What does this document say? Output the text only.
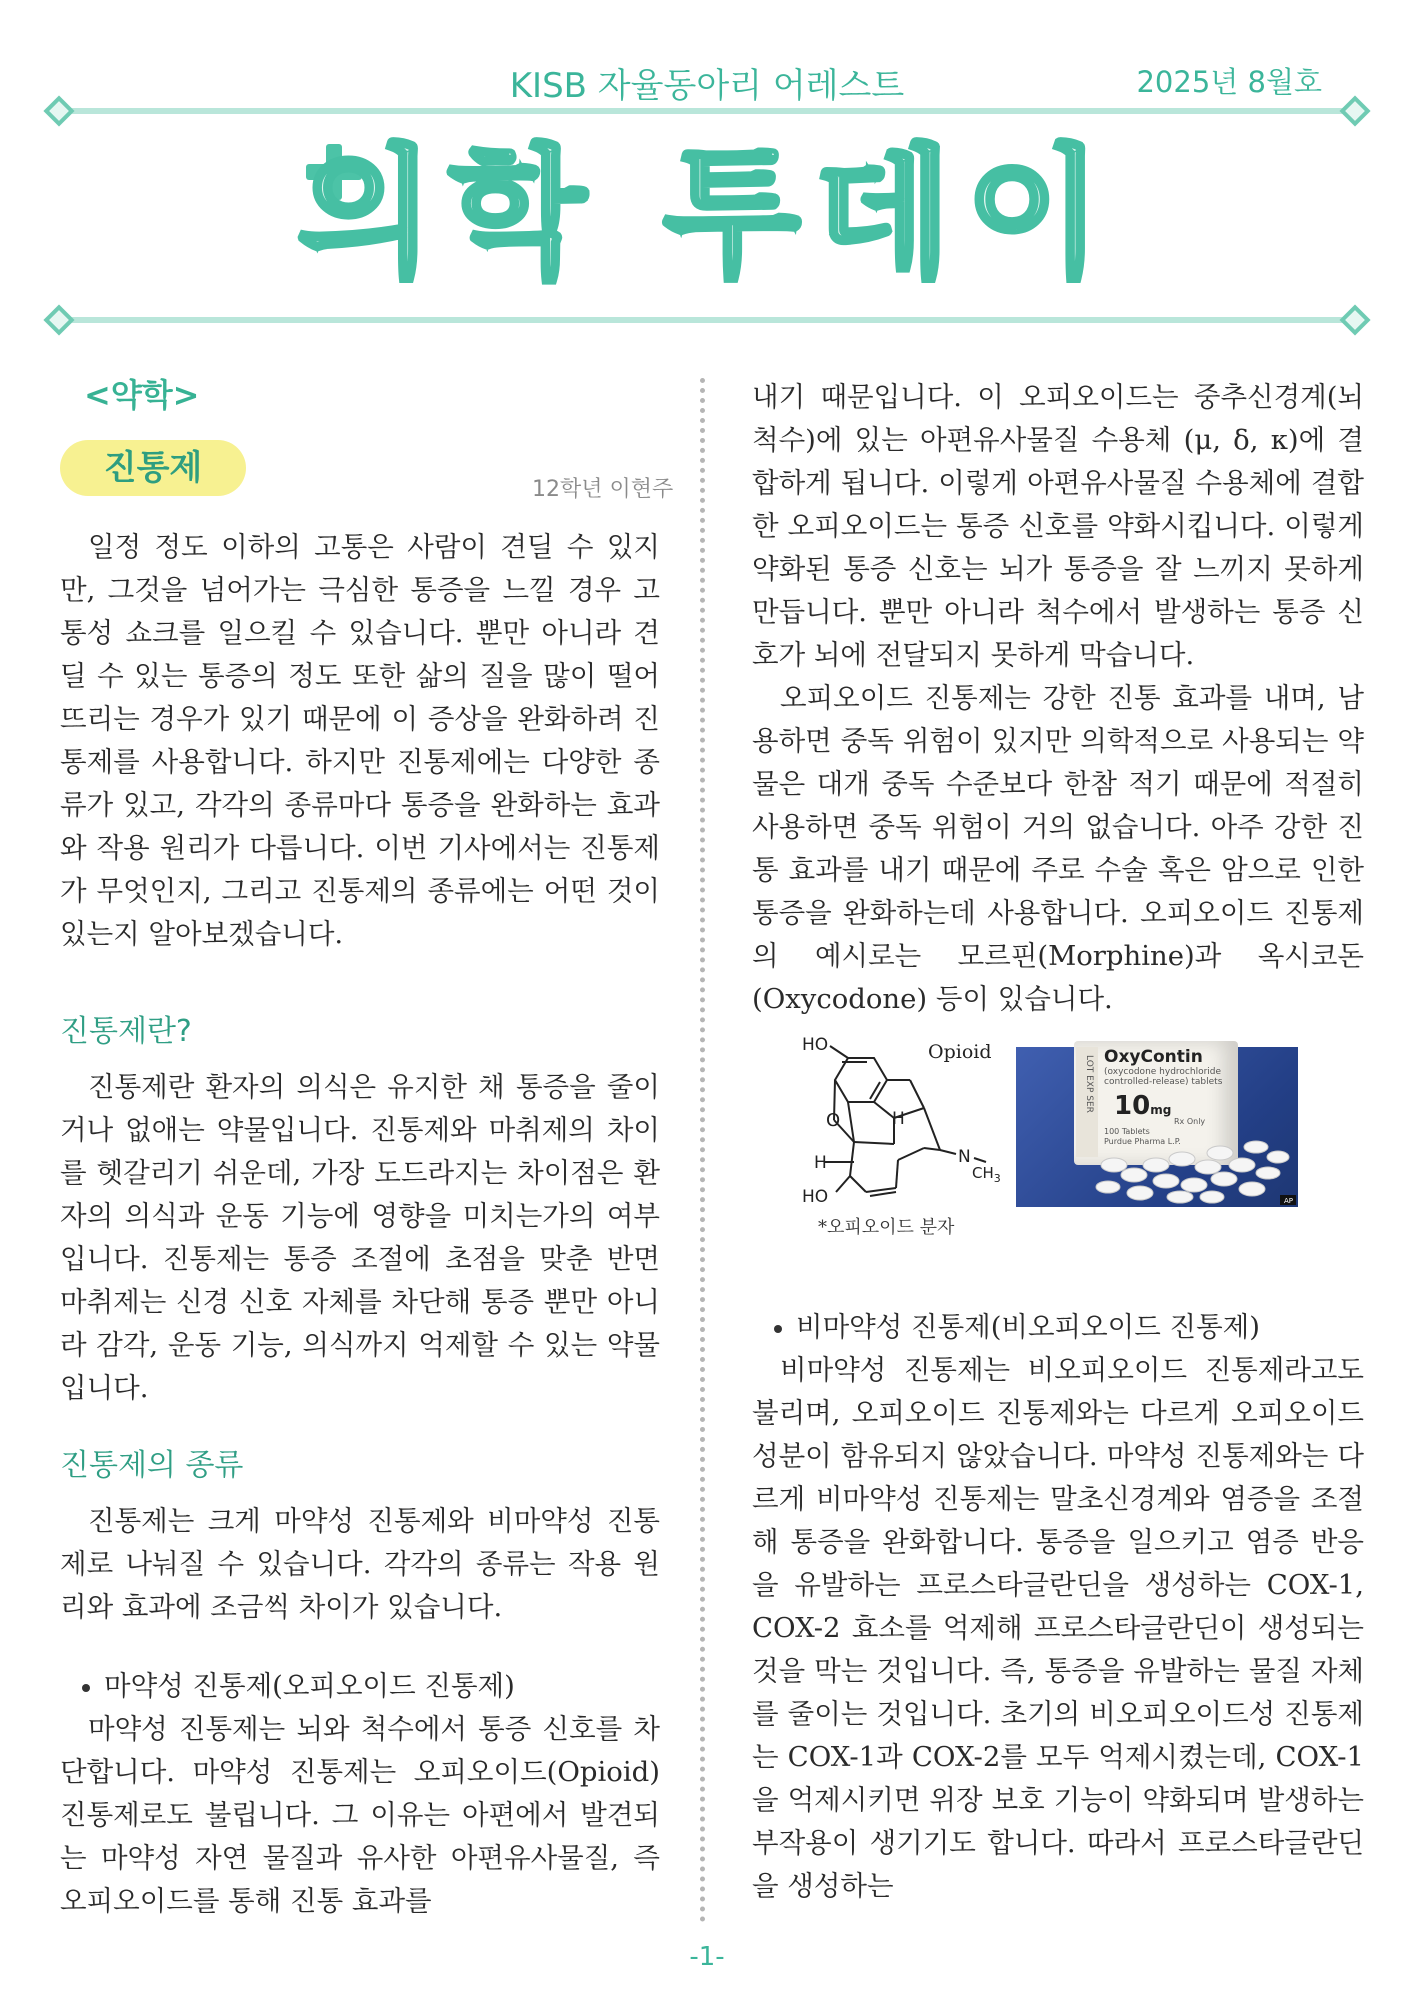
KISB 자율동아리 어레스트	2025년 8월호
의학 투데이
<약학>
진통제
12학년 이현주

일정 정도 이하의 고통은 사람이 견딜 수 있지만, 그것을 넘어가는 극심한 통증을 느낄 경우 고통성 쇼크를 일으킬 수 있습니다. 뿐만 아니라 견딜 수 있는 통증의 정도 또한 삶의 질을 많이 떨어뜨리는 경우가 있기 때문에 이 증상을 완화하려 진통제를 사용합니다. 하지만 진통제에는 다양한 종류가 있고, 각각의 종류마다 통증을 완화하는 효과와 작용 원리가 다릅니다. 이번 기사에서는 진통제가 무엇인지, 그리고 진통제의 종류에는 어떤 것이 있는지 알아보겠습니다.

진통제란?

진통제란 환자의 의식은 유지한 채 통증을 줄이거나 없애는 약물입니다. 진통제와 마취제의 차이를 헷갈리기 쉬운데, 가장 도드라지는 차이점은 환자의 의식과 운동 기능에 영향을 미치는가의 여부입니다. 진통제는 통증 조절에 초점을 맞춘 반면 마취제는 신경 신호 자체를 차단해 통증 뿐만 아니라 감각, 운동 기능, 의식까지 억제할 수 있는 약물입니다.

진통제의 종류

진통제는 크게 마약성 진통제와 비마약성 진통제로 나눠질 수 있습니다. 각각의 종류는 작용 원리와 효과에 조금씩 차이가 있습니다.

마약성 진통제(오피오이드 진통제)

마약성 진통제는 뇌와 척수에서 통증 신호를 차단합니다. 마약성 진통제는 오피오이드(Opioid) 진통제로도 불립니다. 그 이유는 아편에서 발견되는 마약성 자연 물질과 유사한 아편유사물질, 즉 오피오이드를 통해 진통 효과를

내기 때문입니다. 이 오피오이드는 중추신경계(뇌 척수)에 있는 아편유사물질 수용체 (μ, δ, κ)에 결합하게 됩니다. 이렇게 아편유사물질 수용체에 결합한 오피오이드는 통증 신호를 약화시킵니다. 이렇게 약화된 통증 신호는 뇌가 통증을 잘 느끼지 못하게 만듭니다. 뿐만 아니라 척수에서 발생하는 통증 신호가 뇌에 전달되지 못하게 막습니다.

오피오이드 진통제는 강한 진통 효과를 내며, 남용하면 중독 위험이 있지만 의학적으로 사용되는 약물은 대개 중독 수준보다 한참 적기 때문에 적절히 사용하면 중독 위험이 거의 없습니다. 아주 강한 진통 효과를 내기 때문에 주로 수술 혹은 암으로 인한 통증을 완화하는데 사용합니다. 오피오이드 진통제의 예시로는 모르핀(Morphine)과 옥시코돈(Oxycodone) 등이 있습니다.

HO	Opioid
O
H
H
N
$CH_3$
HO
LOT EXP SER OxyContin
(oxycodone hydrochloride
controlled-release) tablets
10mg
Rx Only
100 Tablets
Purdue Pharma L.P.
AP
*오피오이드 분자

비마약성 진통제(비오피오이드 진통제)

비마약성 진통제는 비오피오이드 진통제라고도 불리며, 오피오이드 진통제와는 다르게 오피오이드 성분이 함유되지 않았습니다. 마약성 진통제와는 다르게 비마약성 진통제는 말초신경계와 염증을 조절해 통증을 완화합니다. 통증을 일으키고 염증 반응을 유발하는 프로스타글란딘을 생성하는 COX-1, COX-2 효소를 억제해 프로스타글란딘이 생성되는 것을 막는 것입니다. 즉, 통증을 유발하는 물질 자체를 줄이는 것입니다. 초기의 비오피오이드성 진통제는 COX-1과 COX-2를 모두 억제시켰는데, COX-1을 억제시키면 위장 보호 기능이 약화되며 발생하는 부작용이 생기기도 합니다. 따라서 프로스타글란딘을 생성하는

-1-
